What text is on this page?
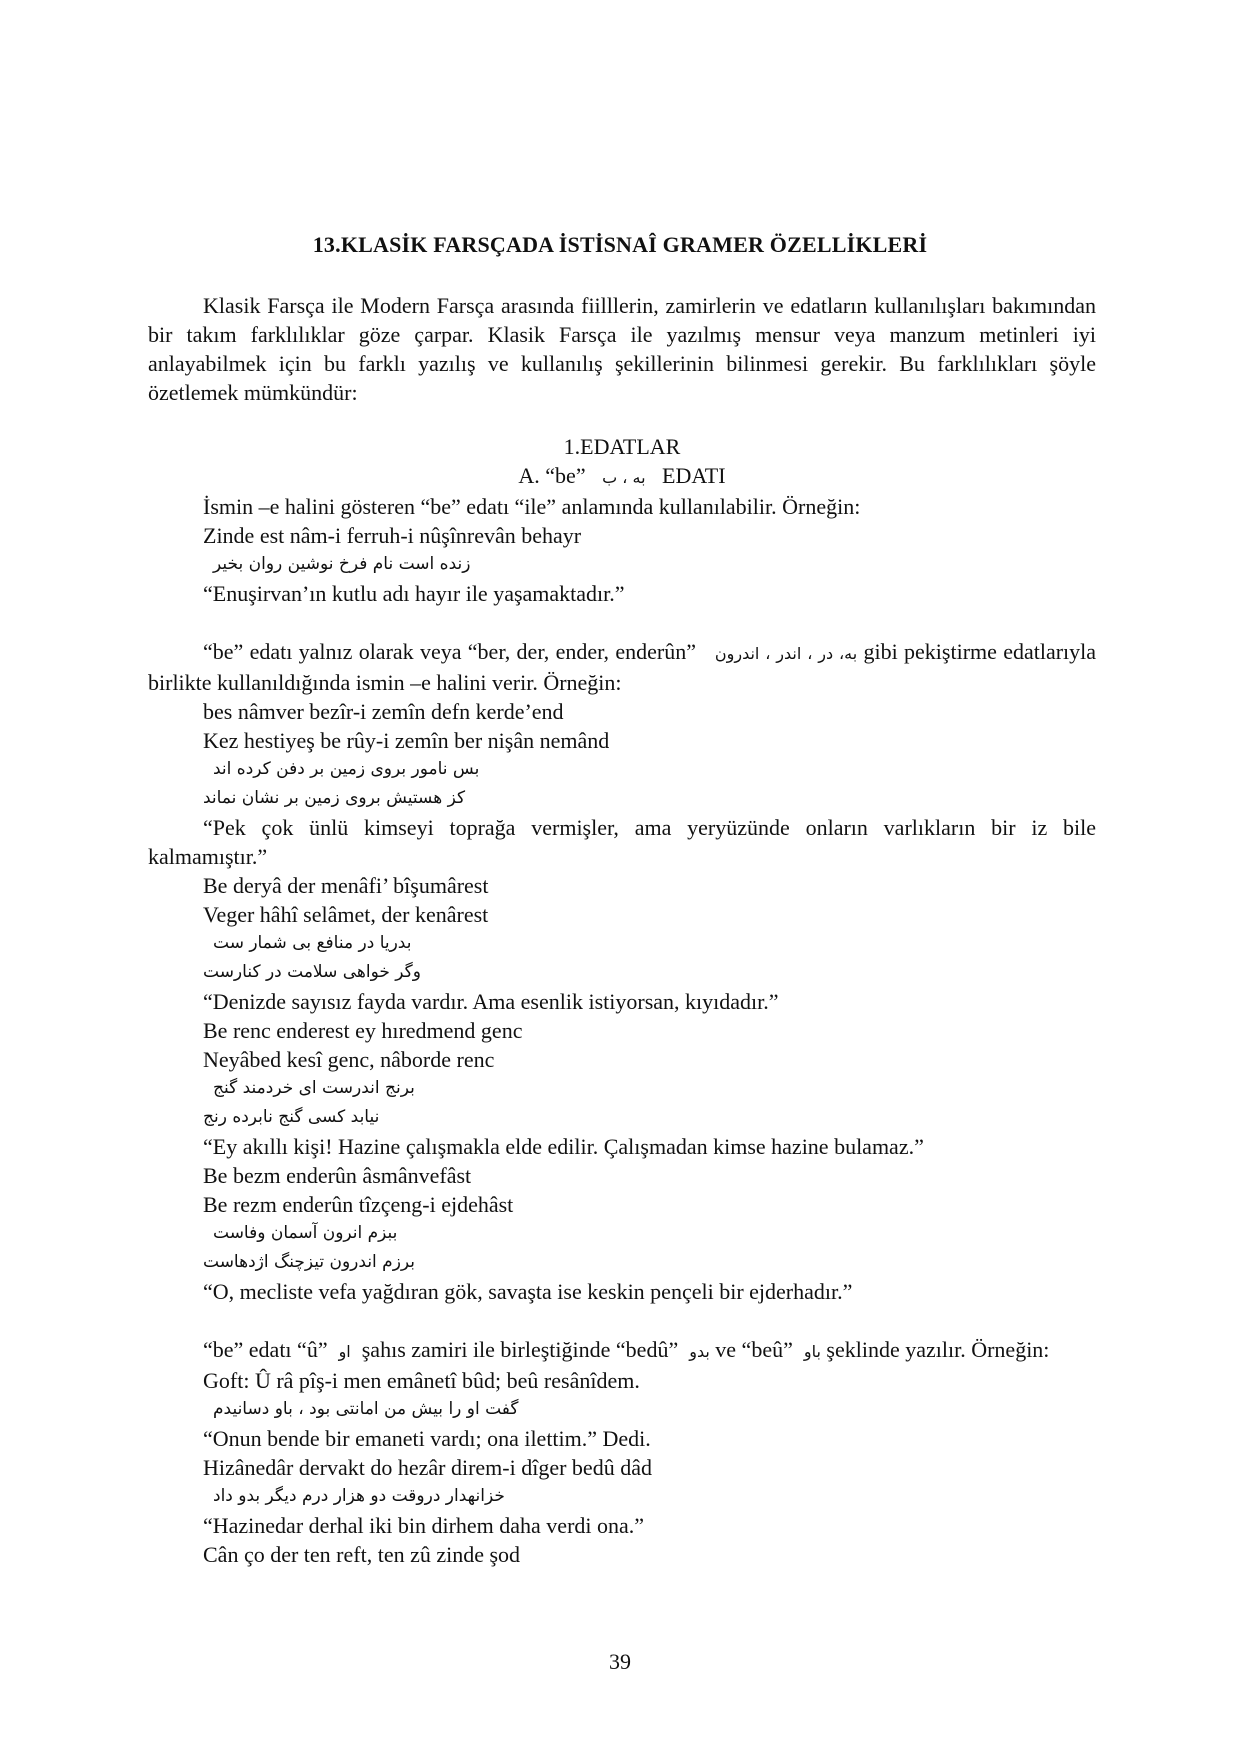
13.KLASİK FARSÇADA İSTİSNAÎ GRAMER ÖZELLİKLERİ

Klasik Farsça ile Modern Farsça arasında fiilllerin, zamirlerin ve edatların kullanılışları bakımından bir takım farklılıklar göze çarpar. Klasik Farsça ile yazılmış mensur veya manzum metinleri iyi anlayabilmek için bu farklı yazılış ve kullanılış şekillerinin bilinmesi gerekir. Bu farklılıkları şöyle özetlemek mümkündür:

1.EDATLAR
A. “be” به ، ب EDATI
İsmin –e halini gösteren “be” edatı “ile” anlamında kullanılabilir. Örneğin:
Zinde est nâm-i ferruh-i nûşînrevân behayr
زنده است نام فرخ نوشين روان بخير
“Enuşirvan’ın kutlu adı hayır ile yaşamaktadır.”

“be” edatı yalnız olarak veya “ber, der, ender, enderûn” به، در ، اندر ، اندرون gibi pekiştirme edatlarıyla birlikte kullanıldığında ismin –e halini verir. Örneğin:

bes nâmver bezîr-i zemîn defn kerde’end
Kez hestiyeş be rûy-i zemîn ber nişân nemând
بس نامور بروی زمین بر دفن کرده اند
کز هستیش بروی زمین بر نشان نماند

“Pek çok ünlü kimseyi toprağa vermişler, ama yeryüzünde onların varlıkların bir iz bile kalmamıştır.”

Be deryâ der menâfi’ bîşumârest
Veger hâhî selâmet, der kenârest
بدريا در منافع بی شمار ست
وگر خواهی سلامت در کنارست
“Denizde sayısız fayda vardır. Ama esenlik istiyorsan, kıyıdadır.”
Be renc enderest ey hıredmend genc
Neyâbed kesî genc, nâborde renc
برنج اندرست ای خردمند گنج
نيابد کسی گنج نابرده رنج
“Ey akıllı kişi! Hazine çalışmakla elde edilir. Çalışmadan kimse hazine bulamaz.”
Be bezm enderûn âsmânvefâst
Be rezm enderûn tîzçeng-i ejdehâst
ببزم انرون آسمان وفاست
برزم اندرون تيزچنگ اژدهاست
“O, mecliste vefa yağdıran gök, savaşta ise keskin pençeli bir ejderhadır.”

“be” edatı “û” او şahıs zamiri ile birleştiğinde “bedû” بدو ve “beû” باو şeklinde yazılır. Örneğin:

Goft: Û râ pîş-i men emânetî bûd; beû resânîdem.
گفت او را بیش من امانتی بود ، باو دسانیدم
“Onun bende bir emaneti vardı; ona ilettim.” Dedi.
Hizânedâr dervakt do hezâr direm-i dîger bedû dâd
خزانهدار دروقت دو هزار درم دیگر بدو داد
“Hazinedar derhal iki bin dirhem daha verdi ona.”
Cân ço der ten reft, ten zû zinde şod
39
